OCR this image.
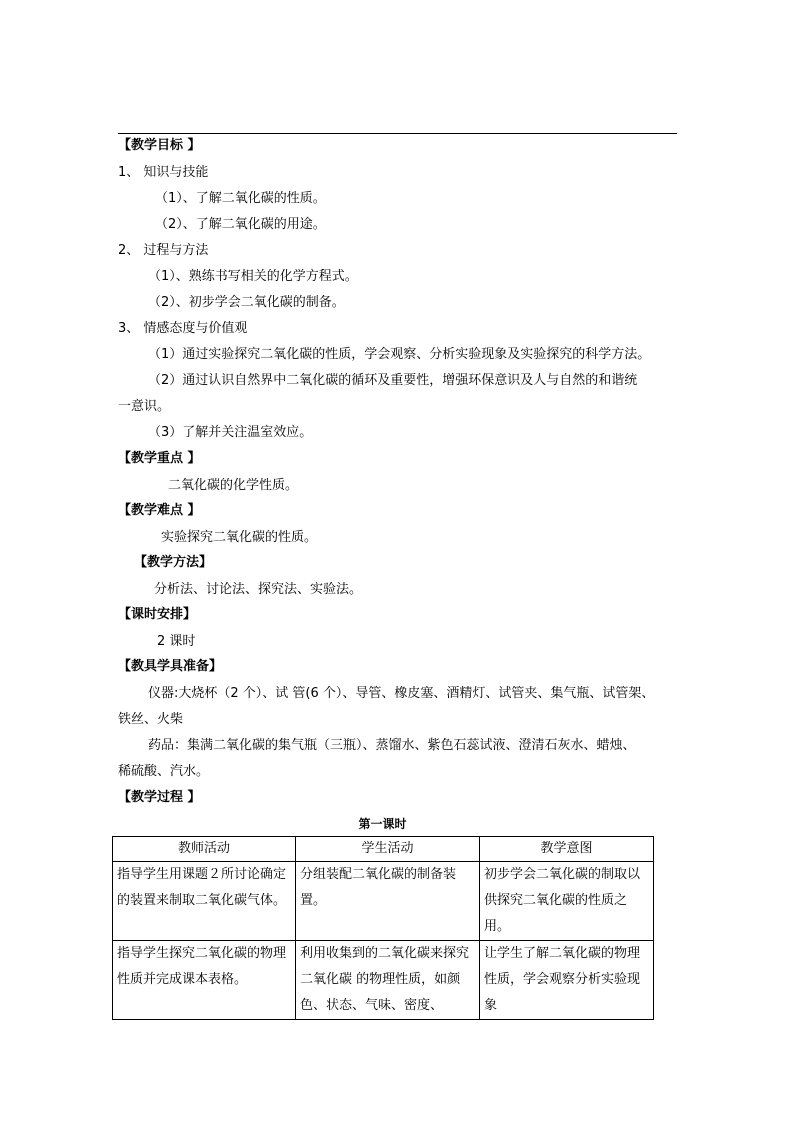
【教学目标 】
1、 知识与技能
（1）、了解二氧化碳的性质。
（2）、了解二氧化碳的用途。
2、 过程与方法
（1）、熟练书写相关的化学方程式。
（2）、初步学会二氧化碳的制备。
3、 情感态度与价值观
（1）通过实验探究二氧化碳的性质，学会观察、分析实验现象及实验探究的科学方法。
（2）通过认识自然界中二氧化碳的循环及重要性，增强环保意识及人与自然的和谐统
一意识。
（3）了解并关注温室效应。
【教学重点 】
二氧化碳的化学性质。
【教学难点 】
实验探究二氧化碳的性质。
【教学方法】
分析法、讨论法、探究法、实验法。
【课时安排】
2 课时
【教具学具准备】
仪器:大烧杯（2 个）、试 管(6 个）、导管、橡皮塞、酒精灯、试管夹、集气瓶、试管架、
铁丝、火柴
药品：集满二氧化碳的集气瓶（三瓶）、蒸馏水、紫色石蕊试液、澄清石灰水、蜡烛、
稀硫酸、汽水。
【教学过程 】
第一课时
教师活动	学生活动	教学意图
指导学生用课题２所讨论确定的装置来制取二氧化碳气体。	分组装配二氧化碳的制备装置。	初步学会二氧化碳的制取以供探究二氧化碳的性质之用。
指导学生探究二氧化碳的物理性质并完成课本表格。	利用收集到的二氧化碳来探究二氧化碳 的物理性质，如颜色、状态、气味、密度、	让学生了解二氧化碳的物理性质，学会观察分析实验现象
